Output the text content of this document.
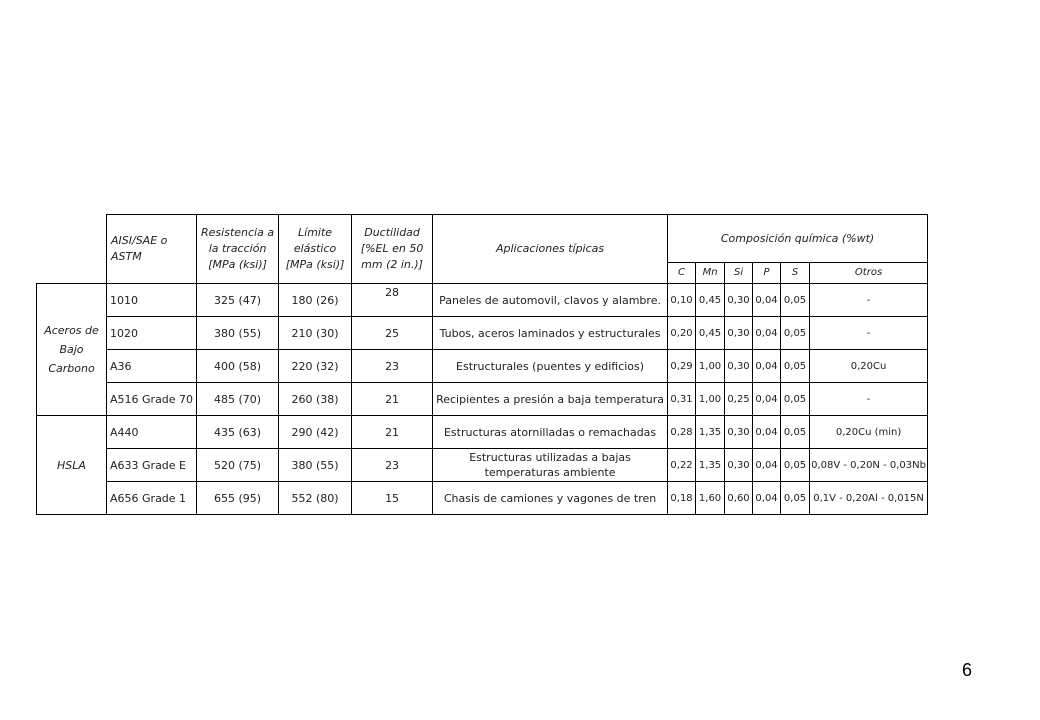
	AISI/SAE o ASTM	Resistencia a la tracción [MPa (ksi)]	Límite elástico [MPa (ksi)]	Ductilidad [%EL en 50 mm (2 in.)]	Aplicaciones típicas	Composición química (%wt)					
						C	Mn	Si	P	S	Otros
Aceros de Bajo Carbono	1010	325 (47)	180 (26)	28	Paneles de automovil, clavos y alambre.	0,10	0,45	0,30	0,04	0,05	-
	1020	380 (55)	210 (30)	25	Tubos, aceros laminados y estructurales	0,20	0,45	0,30	0,04	0,05	-
	A36	400 (58)	220 (32)	23	Estructurales (puentes y edificios)	0,29	1,00	0,30	0,04	0,05	0,20Cu
	A516 Grade 70	485 (70)	260 (38)	21	Recipientes a presión a baja temperatura	0,31	1,00	0,25	0,04	0,05	-
HSLA	A440	435 (63)	290 (42)	21	Estructuras atornilladas o remachadas	0,28	1,35	0,30	0,04	0,05	0,20Cu (min)
	A633 Grade E	520 (75)	380 (55)	23	Estructuras utilizadas a bajas temperaturas ambiente	0,22	1,35	0,30	0,04	0,05	0,08V - 0,20N - 0,03Nb
	A656 Grade 1	655 (95)	552 (80)	15	Chasis de camiones y vagones de tren	0,18	1,60	0,60	0,04	0,05	0,1V - 0,20Al - 0,015N
6
